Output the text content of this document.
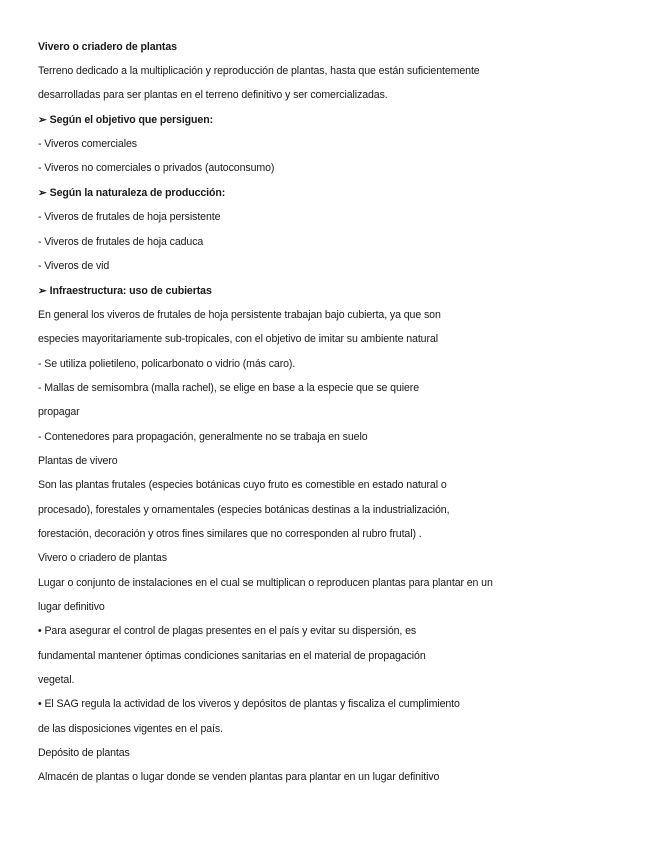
Vivero o criadero de plantas

Terreno dedicado a la multiplicación y reproducción de plantas, hasta que están suficientemente

desarrolladas para ser plantas en el terreno definitivo y ser comercializadas.

➢ Según el objetivo que persiguen:

- Viveros comerciales

- Viveros no comerciales o privados (autoconsumo)

➢ Según la naturaleza de producción:

- Viveros de frutales de hoja persistente

- Viveros de frutales de hoja caduca

- Viveros de vid

➢ Infraestructura: uso de cubiertas

En general los viveros de frutales de hoja persistente trabajan bajo cubierta, ya que son

especies mayoritariamente sub-tropicales, con el objetivo de imitar su ambiente natural

- Se utiliza polietileno, policarbonato o vidrio (más caro).

- Mallas de semisombra (malla rachel), se elige en base a la especie que se quiere

propagar

- Contenedores para propagación, generalmente no se trabaja en suelo

Plantas de vivero

Son las plantas frutales (especies botánicas cuyo fruto es comestible en estado natural o

procesado), forestales y ornamentales (especies botánicas destinas a la industrialización,

forestación, decoración y otros fines similares que no corresponden al rubro frutal) .

Vivero o criadero de plantas

Lugar o conjunto de instalaciones en el cual se multiplican o reproducen plantas para plantar en un

lugar definitivo

• Para asegurar el control de plagas presentes en el país y evitar su dispersión, es

fundamental mantener óptimas condiciones sanitarias en el material de propagación

vegetal.

• El SAG regula la actividad de los viveros y depósitos de plantas y fiscaliza el cumplimiento

de las disposiciones vigentes en el país.

Depósito de plantas

Almacén de plantas o lugar donde se venden plantas para plantar en un lugar definitivo
